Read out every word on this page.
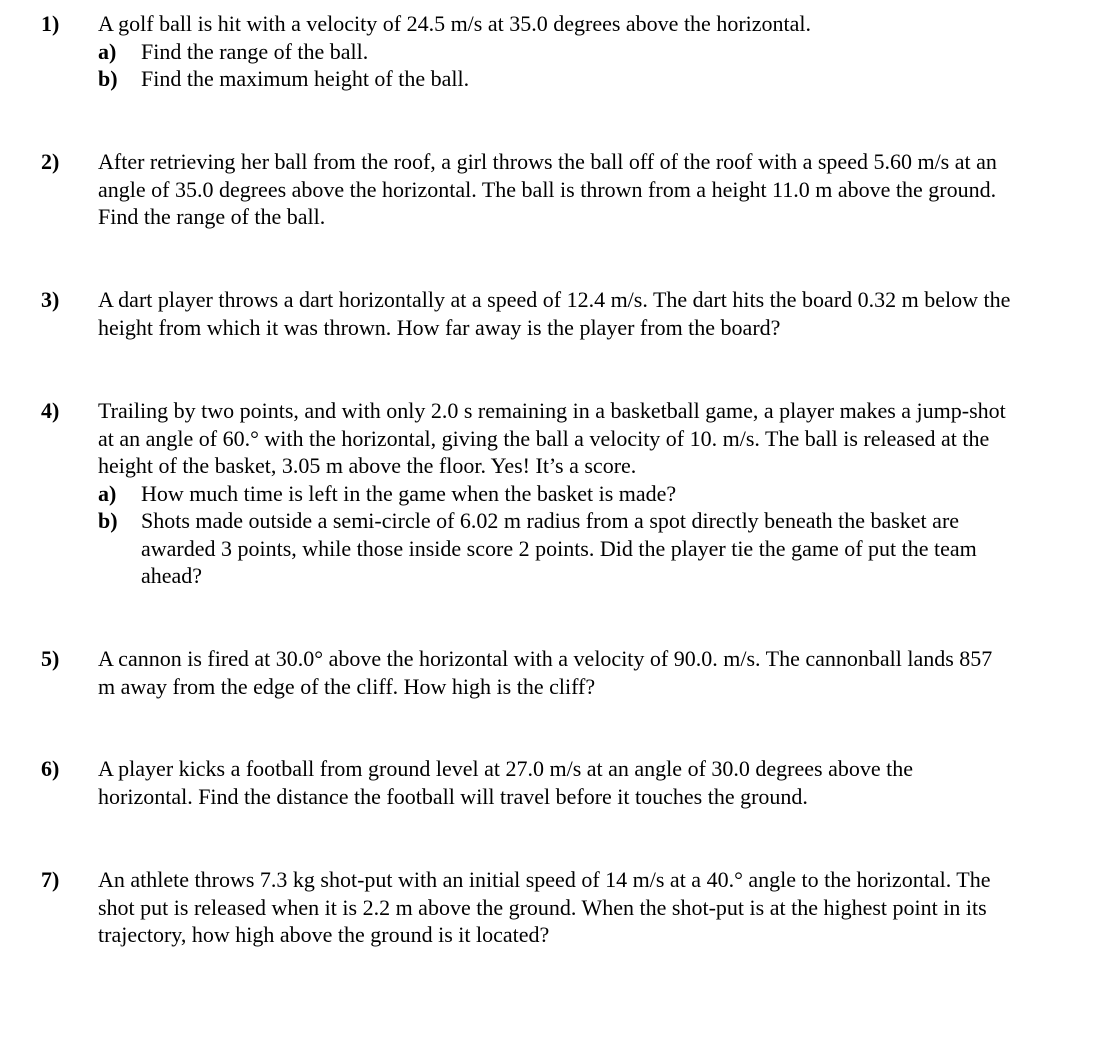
1) A golf ball is hit with a velocity of 24.5 m/s at 35.0 degrees above the horizontal.
a) Find the range of the ball.
b) Find the maximum height of the ball.
2) After retrieving her ball from the roof, a girl throws the ball off of the roof with a speed 5.60 m/s at an angle of 35.0 degrees above the horizontal. The ball is thrown from a height 11.0 m above the ground. Find the range of the ball.
3) A dart player throws a dart horizontally at a speed of 12.4 m/s. The dart hits the board 0.32 m below the height from which it was thrown. How far away is the player from the board?
4) Trailing by two points, and with only 2.0 s remaining in a basketball game, a player makes a jump-shot at an angle of 60.° with the horizontal, giving the ball a velocity of 10. m/s. The ball is released at the height of the basket, 3.05 m above the floor. Yes! It’s a score.
a) How much time is left in the game when the basket is made?
b) Shots made outside a semi-circle of 6.02 m radius from a spot directly beneath the basket are awarded 3 points, while those inside score 2 points. Did the player tie the game of put the team ahead?
5) A cannon is fired at 30.0° above the horizontal with a velocity of 90.0. m/s. The cannonball lands 857 m away from the edge of the cliff. How high is the cliff?
6) A player kicks a football from ground level at 27.0 m/s at an angle of 30.0 degrees above the horizontal. Find the distance the football will travel before it touches the ground.
7) An athlete throws 7.3 kg shot-put with an initial speed of 14 m/s at a 40.° angle to the horizontal. The shot put is released when it is 2.2 m above the ground. When the shot-put is at the highest point in its trajectory, how high above the ground is it located?
